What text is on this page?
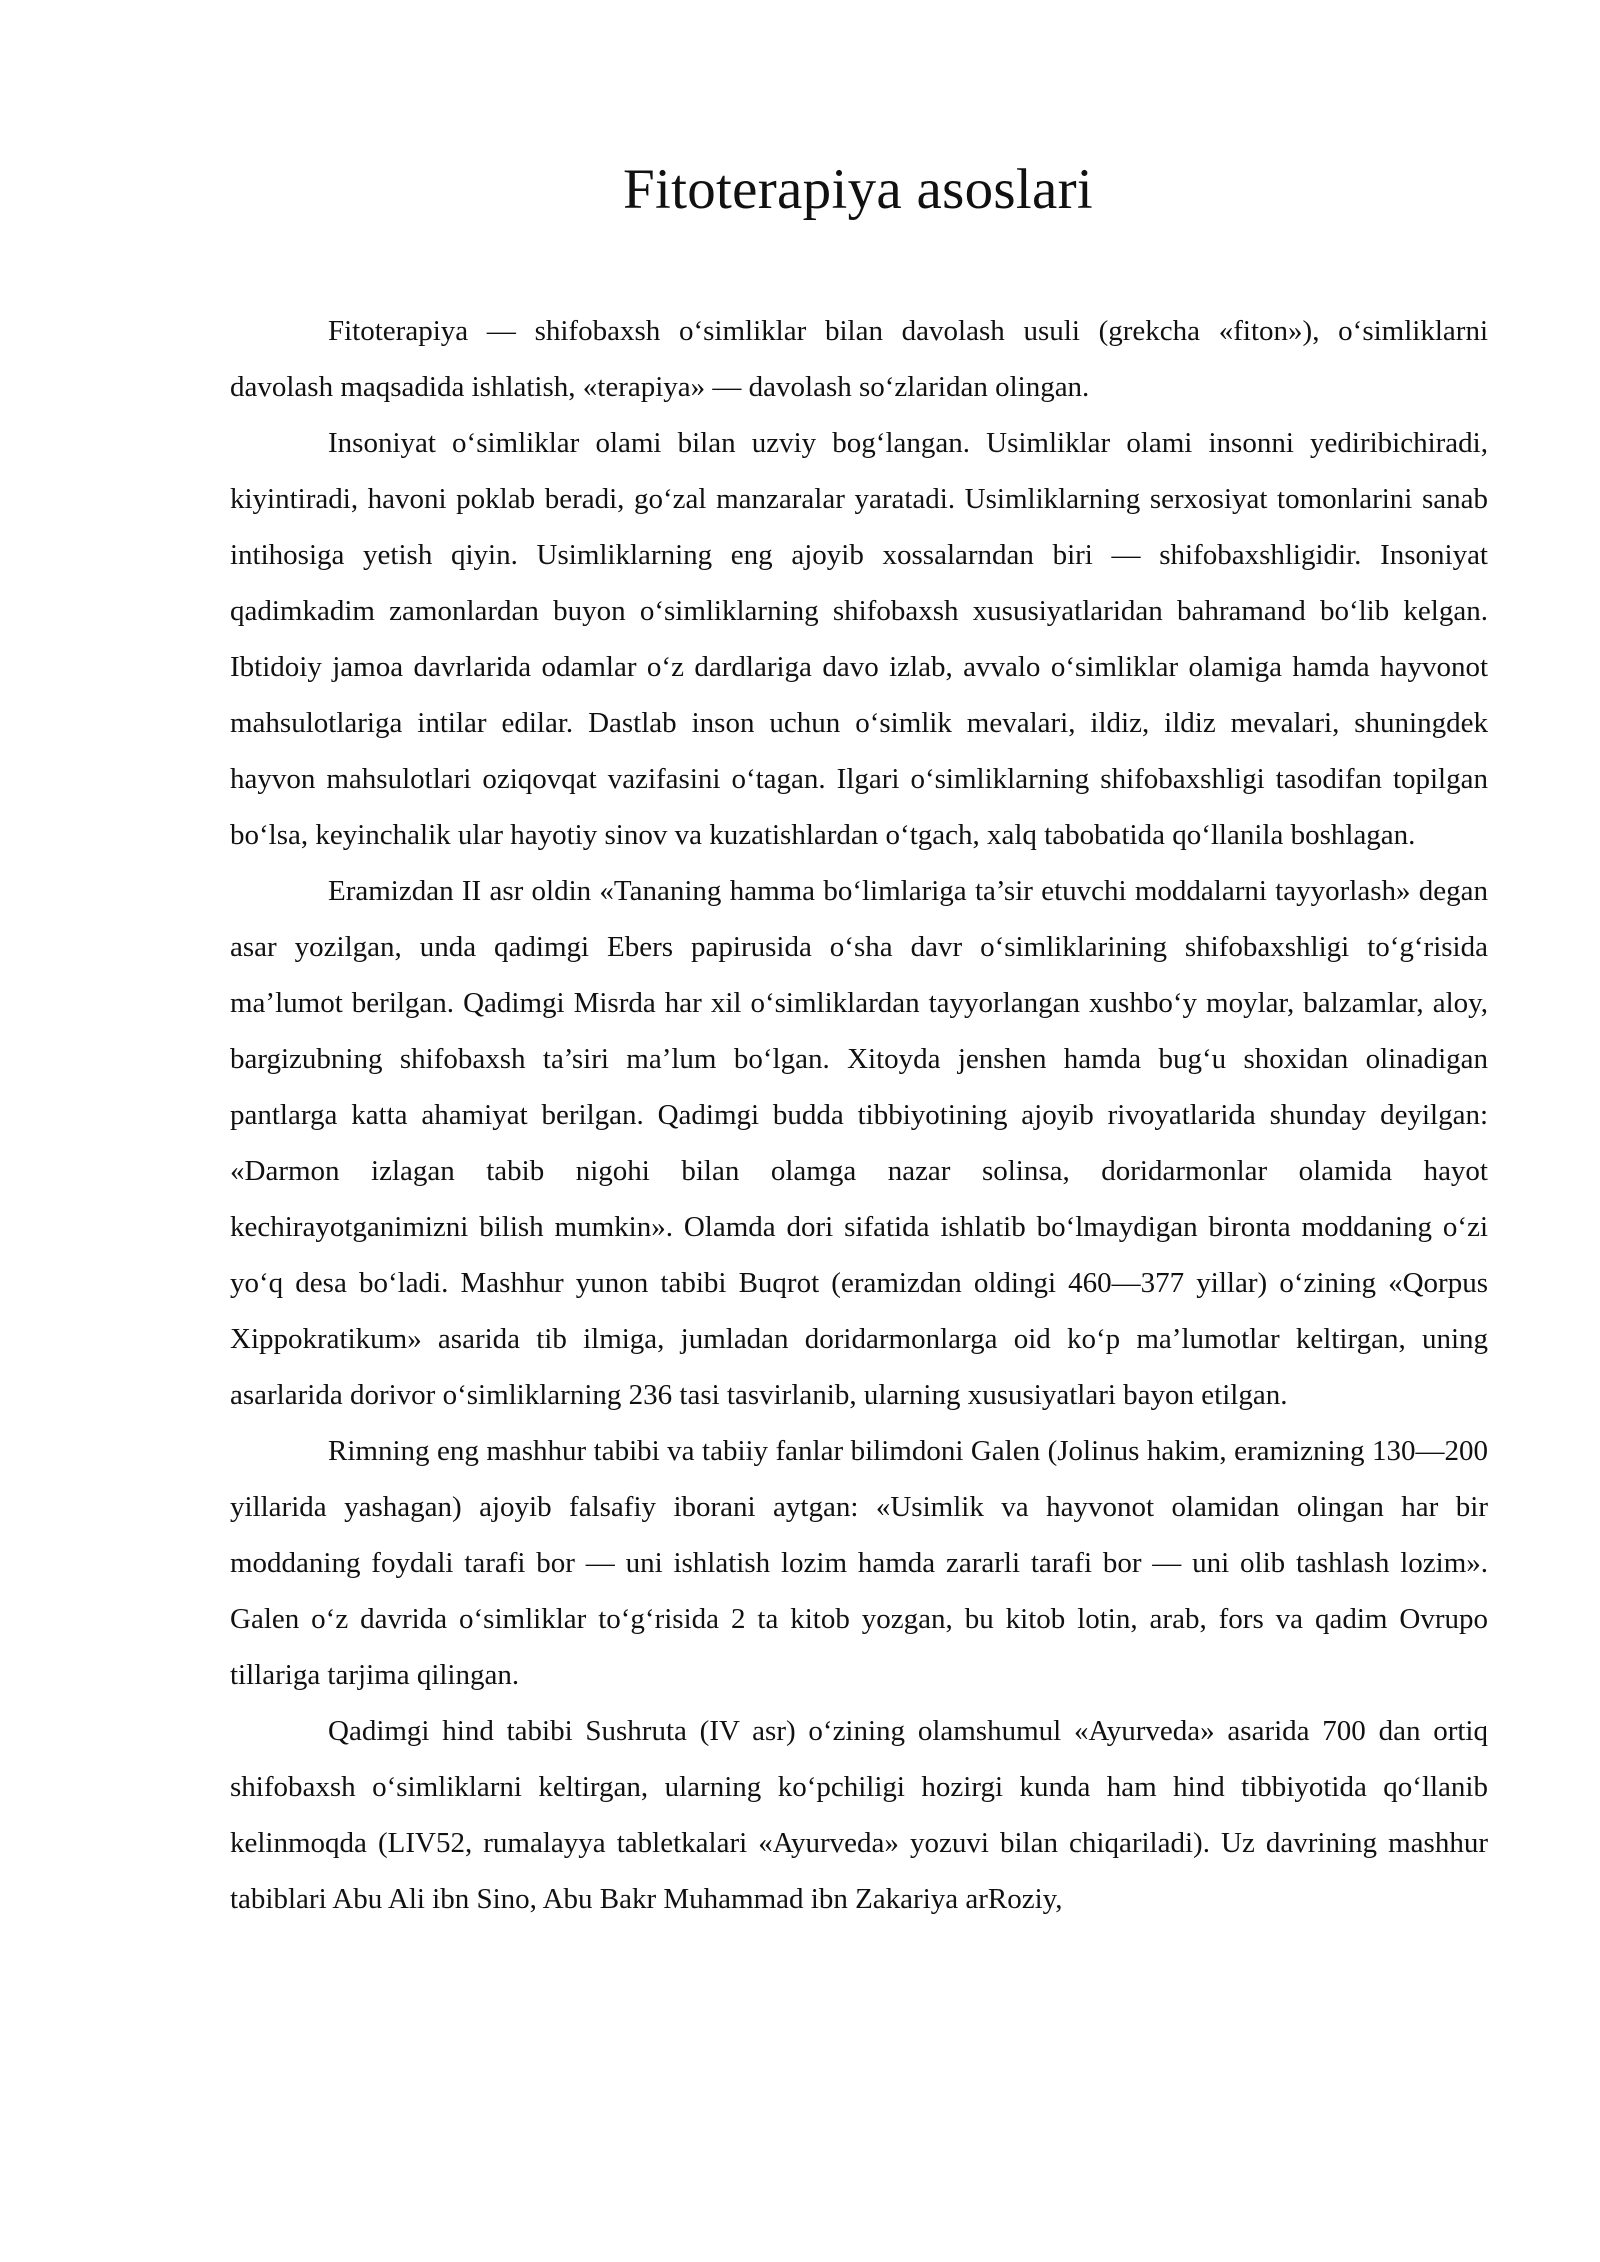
Fitoterapiya asoslari

Fitoterapiya — shifobaxsh o‘simliklar bilan davolash usuli (grekcha «fiton»), o‘simliklarni davolash maqsadida ishlatish, «terapiya» — davolash so‘zlaridan olingan.

Insoniyat o‘simliklar olami bilan uzviy bog‘langan. Usimliklar olami insonni yediribichiradi, kiyintiradi, havoni poklab beradi, go‘zal manzaralar yaratadi. Usimliklarning serxosiyat tomonlarini sanab intihosiga yetish qiyin. Usimliklarning eng ajoyib xossalarndan biri — shifobaxshligidir. Insoniyat qadimkadim zamonlardan buyon o‘simliklarning shifobaxsh xususiyatlaridan bahramand bo‘lib kelgan. Ibtidoiy jamoa davrlarida odamlar o‘z dardlariga davo izlab, avvalo o‘simliklar olamiga hamda hayvonot mahsulotlariga intilar edilar. Dastlab inson uchun o‘simlik mevalari, ildiz, ildiz mevalari, shuningdek hayvon mahsulotlari oziqovqat vazifasini o‘tagan. Ilgari o‘simliklarning shifobaxshligi tasodifan topilgan bo‘lsa, keyinchalik ular hayotiy sinov va kuzatishlardan o‘tgach, xalq tabobatida qo‘llanila boshlagan.

Eramizdan II asr oldin «Tananing hamma bo‘limlariga ta’sir etuvchi moddalarni tayyorlash» degan asar yozilgan, unda qadimgi Ebers papirusida o‘sha davr o‘simliklarining shifobaxshligi to‘g‘risida ma’lumot berilgan. Qadimgi Misrda har xil o‘simliklardan tayyorlangan xushbo‘y moylar, balzamlar, aloy, bargizubning shifobaxsh ta’siri ma’lum bo‘lgan. Xitoyda jenshen hamda bug‘u shoxidan olinadigan pantlarga katta ahamiyat berilgan. Qadimgi budda tibbiyotining ajoyib rivoyatlarida shunday deyilgan: «Darmon izlagan tabib nigohi bilan olamga nazar solinsa, doridarmonlar olamida hayot kechirayotganimizni bilish mumkin». Olamda dori sifatida ishlatib bo‘lmaydigan bironta moddaning o‘zi yo‘q desa bo‘ladi. Mashhur yunon tabibi Buqrot (eramizdan oldingi 460—377 yillar) o‘zining «Qorpus Xippokratikum» asarida tib ilmiga, jumladan doridarmonlarga oid ko‘p ma’lumotlar keltirgan, uning asarlarida dorivor o‘simliklarning 236 tasi tasvirlanib, ularning xususiyatlari bayon etilgan.

Rimning eng mashhur tabibi va tabiiy fanlar bilimdoni Galen (Jolinus hakim, eramizning 130—200 yillarida yashagan) ajoyib falsafiy iborani aytgan: «Usimlik va hayvonot olamidan olingan har bir moddaning foydali tarafi bor — uni ishlatish lozim hamda zararli tarafi bor — uni olib tashlash lozim». Galen o‘z davrida o‘simliklar to‘g‘risida 2 ta kitob yozgan, bu kitob lotin, arab, fors va qadim Ovrupo tillariga tarjima qilingan.

Qadimgi hind tabibi Sushruta (IV asr) o‘zining olamshumul «Ayurveda» asarida 700 dan ortiq shifobaxsh o‘simliklarni keltirgan, ularning ko‘pchiligi hozirgi kunda ham hind tibbiyotida qo‘llanib kelinmoqda (LIV52, rumalayya tabletkalari «Ayurveda» yozuvi bilan chiqariladi). Uz davrining mashhur tabiblari Abu Ali ibn Sino, Abu Bakr Muhammad ibn Zakariya arRoziy,
